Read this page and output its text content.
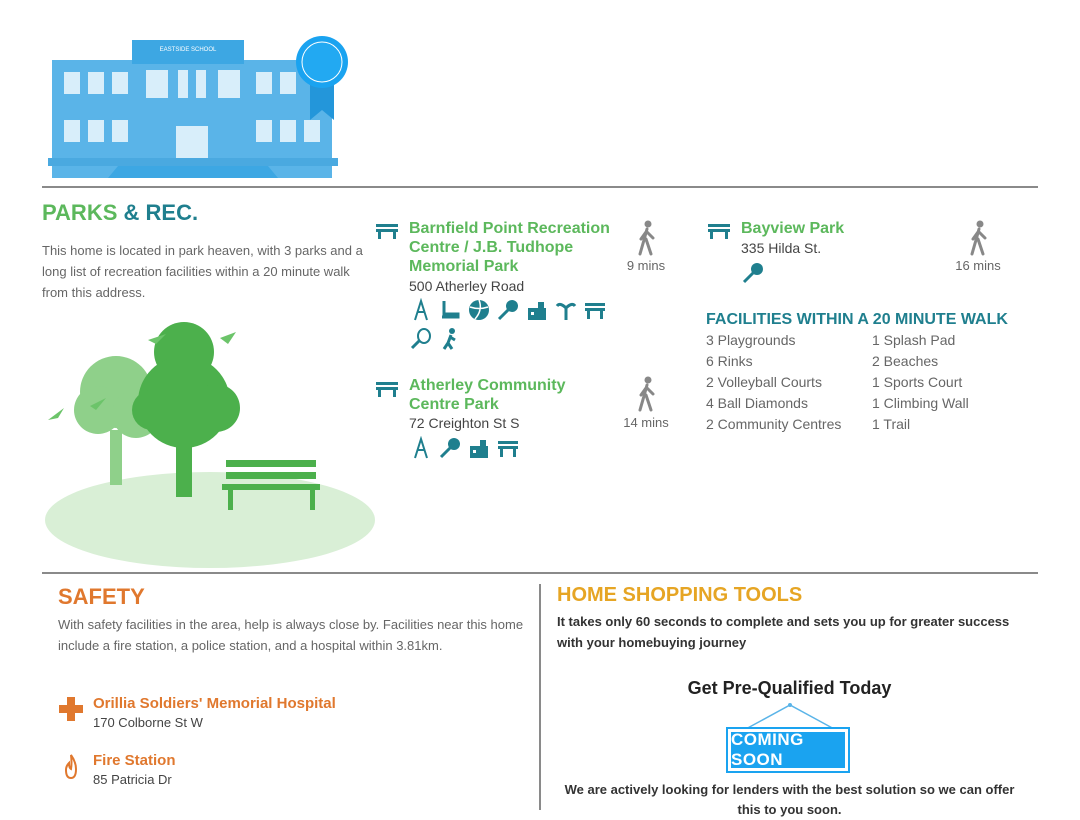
EASTSIDE SCHOOL
PARKS & REC.
This home is located in park heaven, with 3 parks and a long list of recreation facilities within a 20 minute walk from this address.
Barnfield Point Recreation Centre / J.B. Tudhope Memorial Park
500 Atherley Road
9 mins
Atherley Community Centre Park
72 Creighton St S	14 mins
Bayview Park
335 Hilda St.
16 mins
FACILITIES WITHIN A 20 MINUTE WALK
3 Playgrounds
6 Rinks
2 Volleyball Courts
4 Ball Diamonds
2 Community Centres
1 Splash Pad
2 Beaches
1 Sports Court
1 Climbing Wall
1 Trail
SAFETY
With safety facilities in the area, help is always close by. Facilities near this home include a fire station, a police station, and a hospital within 3.81km.
Orillia Soldiers' Memorial Hospital
170 Colborne St W
Fire Station
85 Patricia Dr
HOME SHOPPING TOOLS
It takes only 60 seconds to complete and sets you up for greater success with your homebuying journey
Get Pre-Qualified Today
COMING SOON
We are actively looking for lenders with the best solution so we can offer this to you soon.
